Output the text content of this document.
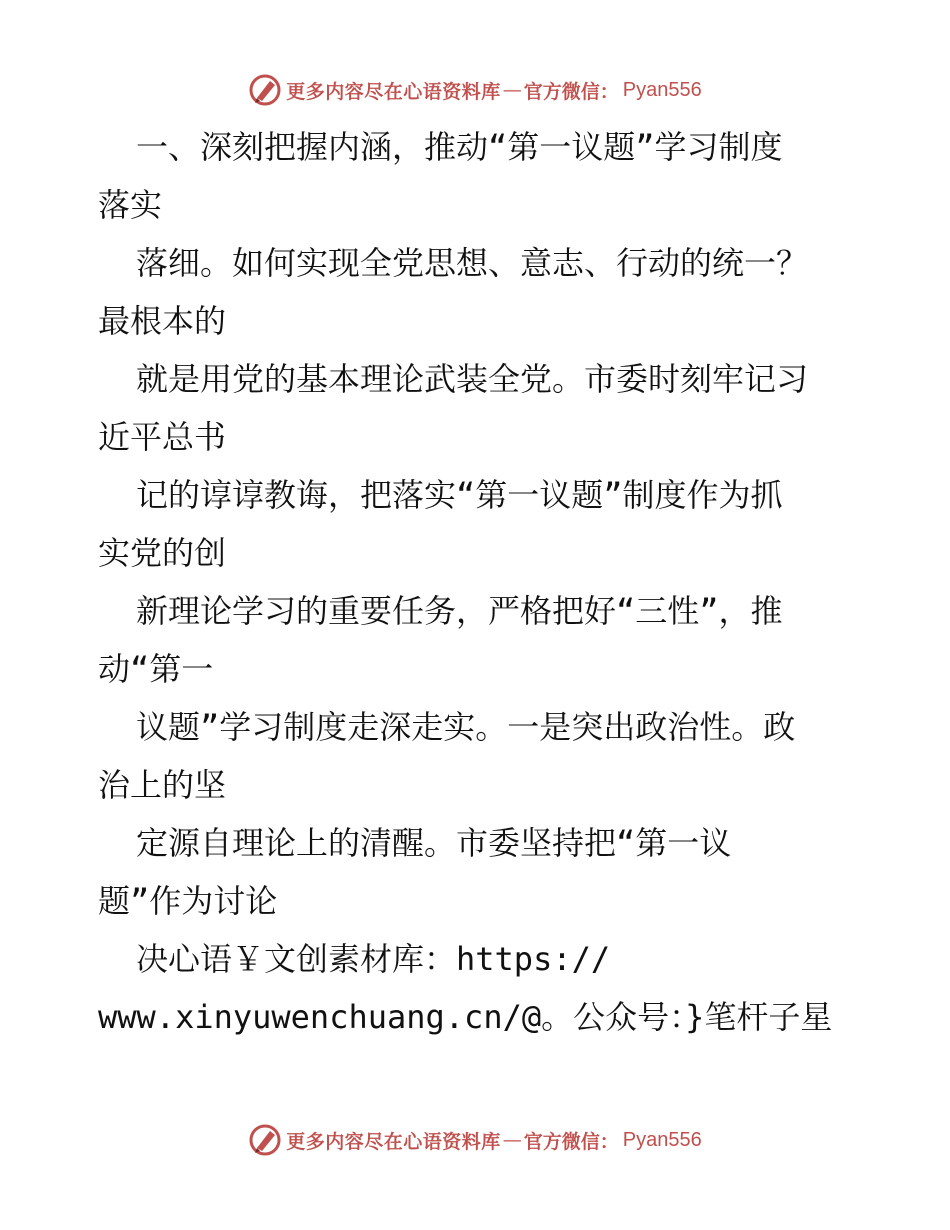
更多内容尽在心语资料库 — 官方微信： Pyan556
一、深刻把握内涵，推动“第一议题”学习制度
落实
落细。如何实现全党思想、意志、行动的统一？
最根本的
就是用党的基本理论武装全党。市委时刻牢记习
近平总书
记的谆谆教诲，把落实“第一议题”制度作为抓
实党的创
新理论学习的重要任务，严格把好“三性”，推
动“第一
议题”学习制度走深走实。一是突出政治性。政
治上的坚
定源自理论上的清醒。市委坚持把“第一议
题”作为讨论
决心语￥文创素材库：https://
www.xinyuwenchuang.cn/@。公众号：}笔杆子星
更多内容尽在心语资料库 — 官方微信： Pyan556
